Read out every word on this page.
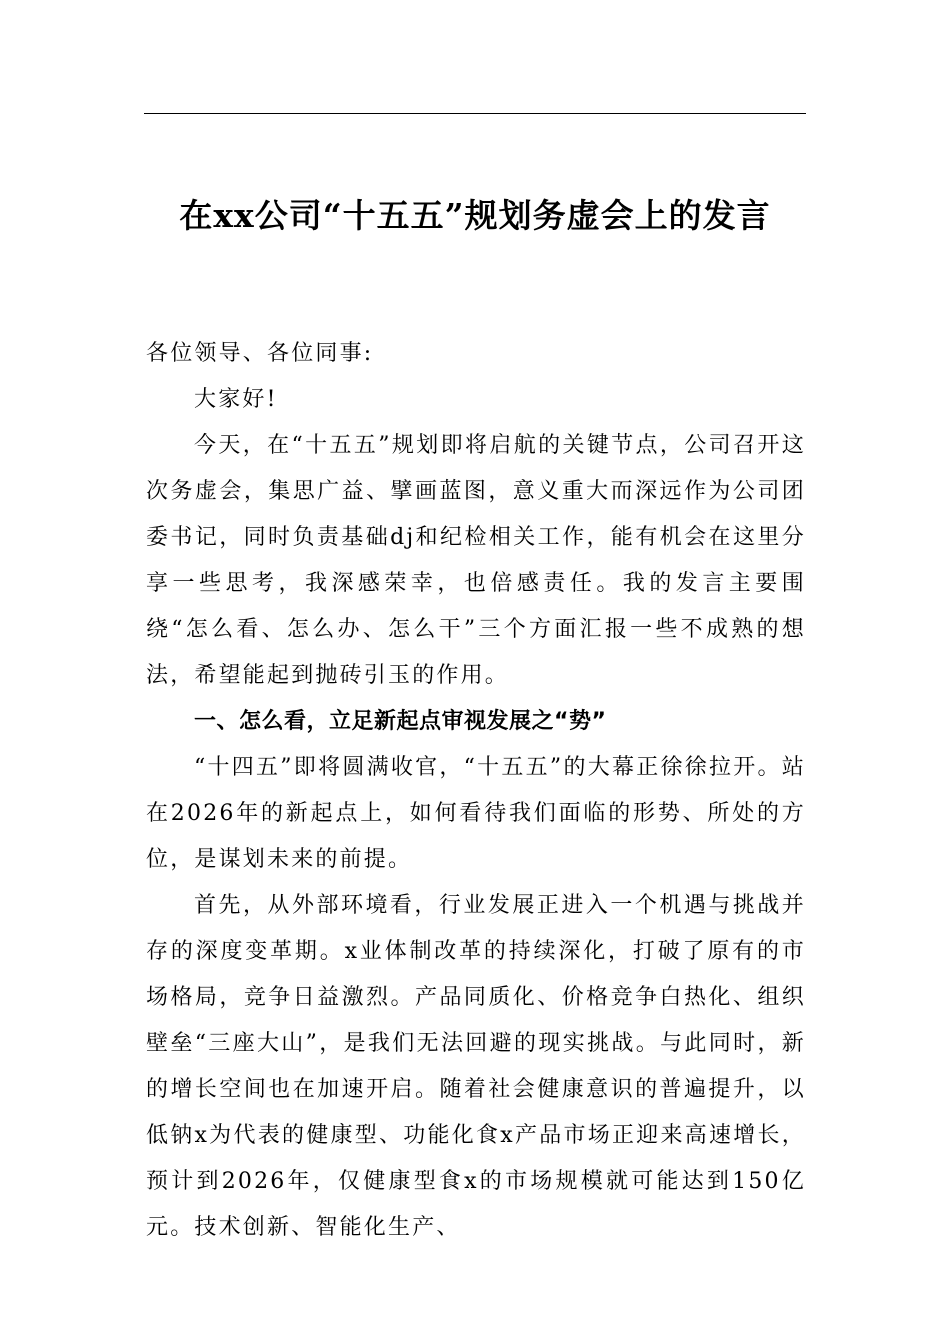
在xx公司“十五五”规划务虚会上的发言

各位领导、各位同事:

大家好!

今天，在“十五五”规划即将启航的关键节点，公司召开这次务虚会，集思广益、擘画蓝图，意义重大而深远作为公司团委书记，同时负责基础dj和纪检相关工作，能有机会在这里分享一些思考，我深感荣幸，也倍感责任。我的发言主要围绕“怎么看、怎么办、怎么干”三个方面汇报一些不成熟的想法，希望能起到抛砖引玉的作用。

一、怎么看，立足新起点审视发展之“势”

“十四五”即将圆满收官，“十五五”的大幕正徐徐拉开。站在2026年的新起点上，如何看待我们面临的形势、所处的方位，是谋划未来的前提。

首先，从外部环境看，行业发展正进入一个机遇与挑战并存的深度变革期。x业体制改革的持续深化，打破了原有的市场格局，竞争日益激烈。产品同质化、价格竞争白热化、组织壁垒“三座大山”，是我们无法回避的现实挑战。与此同时，新的增长空间也在加速开启。随着社会健康意识的普遍提升，以低钠x为代表的健康型、功能化食x产品市场正迎来高速增长，预计到2026年，仅健康型食x的市场规模就可能达到150亿元。技术创新、智能化生产、
